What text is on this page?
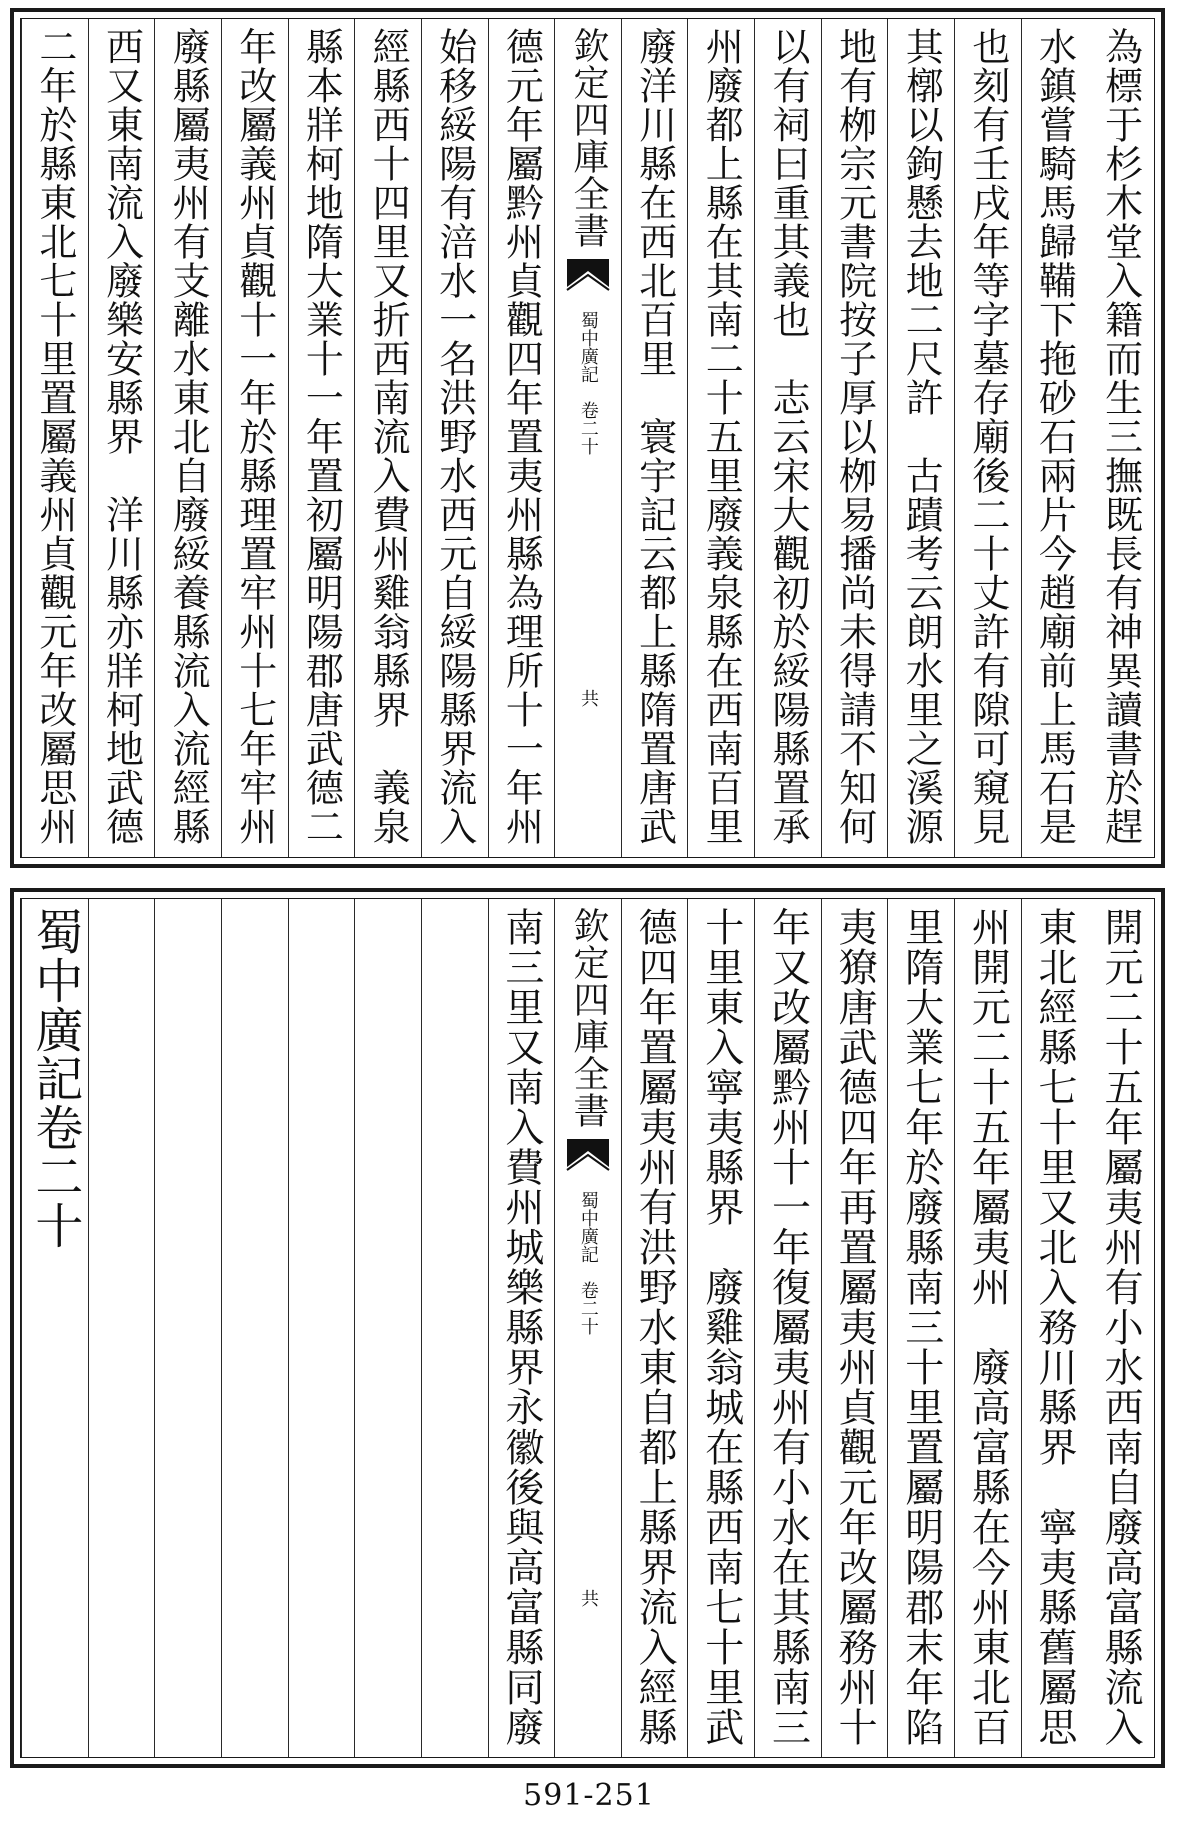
為標于杉木堂入籍而生三撫既長有神異讀書於趕
水鎮嘗騎馬歸鞴下拖砂石兩片今趙廟前上馬石是
也刻有壬戌年等字墓存廟後二十丈許有隙可窺見
其槨以鉤懸去地二尺許　古蹟考云朗水里之溪源
地有栁宗元書院按子厚以栁易播尚未得請不知何
以有祠曰重其義也　志云宋大觀初於綏陽縣置承
州廢都上縣在其南二十五里廢義泉縣在西南百里
廢洋川縣在西北百里　寰宇記云都上縣隋置唐武
欽定四庫全書
蜀中廣記　卷二十
共
德元年屬黔州貞觀四年置夷州縣為理所十一年州
始移綏陽有涪水一名洪野水西元自綏陽縣界流入
經縣西十四里又折西南流入費州雞翁縣界　義泉
縣本牂柯地隋大業十一年置初屬明陽郡唐武德二
年改屬義州貞觀十一年於縣理置牢州十七年牢州
廢縣屬夷州有支離水東北自廢綏養縣流入流經縣
西又東南流入廢樂安縣界　洋川縣亦牂柯地武德
二年於縣東北七十里置屬義州貞觀元年改屬思州
開元二十五年屬夷州有小水西南自廢高富縣流入
東北經縣七十里又北入務川縣界　寧夷縣舊屬思
州開元二十五年屬夷州　廢高富縣在今州東北百
里隋大業七年於廢縣南三十里置屬明陽郡末年陷
夷獠唐武德四年再置屬夷州貞觀元年改屬務州十
年又改屬黔州十一年復屬夷州有小水在其縣南三
十里東入寧夷縣界　廢雞翁城在縣西南七十里武
德四年置屬夷州有洪野水東自都上縣界流入經縣
欽定四庫全書
蜀中廣記　卷二十
共
南三里又南入費州城樂縣界永徽後與高富縣同廢
蜀中廣記卷二十
591-251
